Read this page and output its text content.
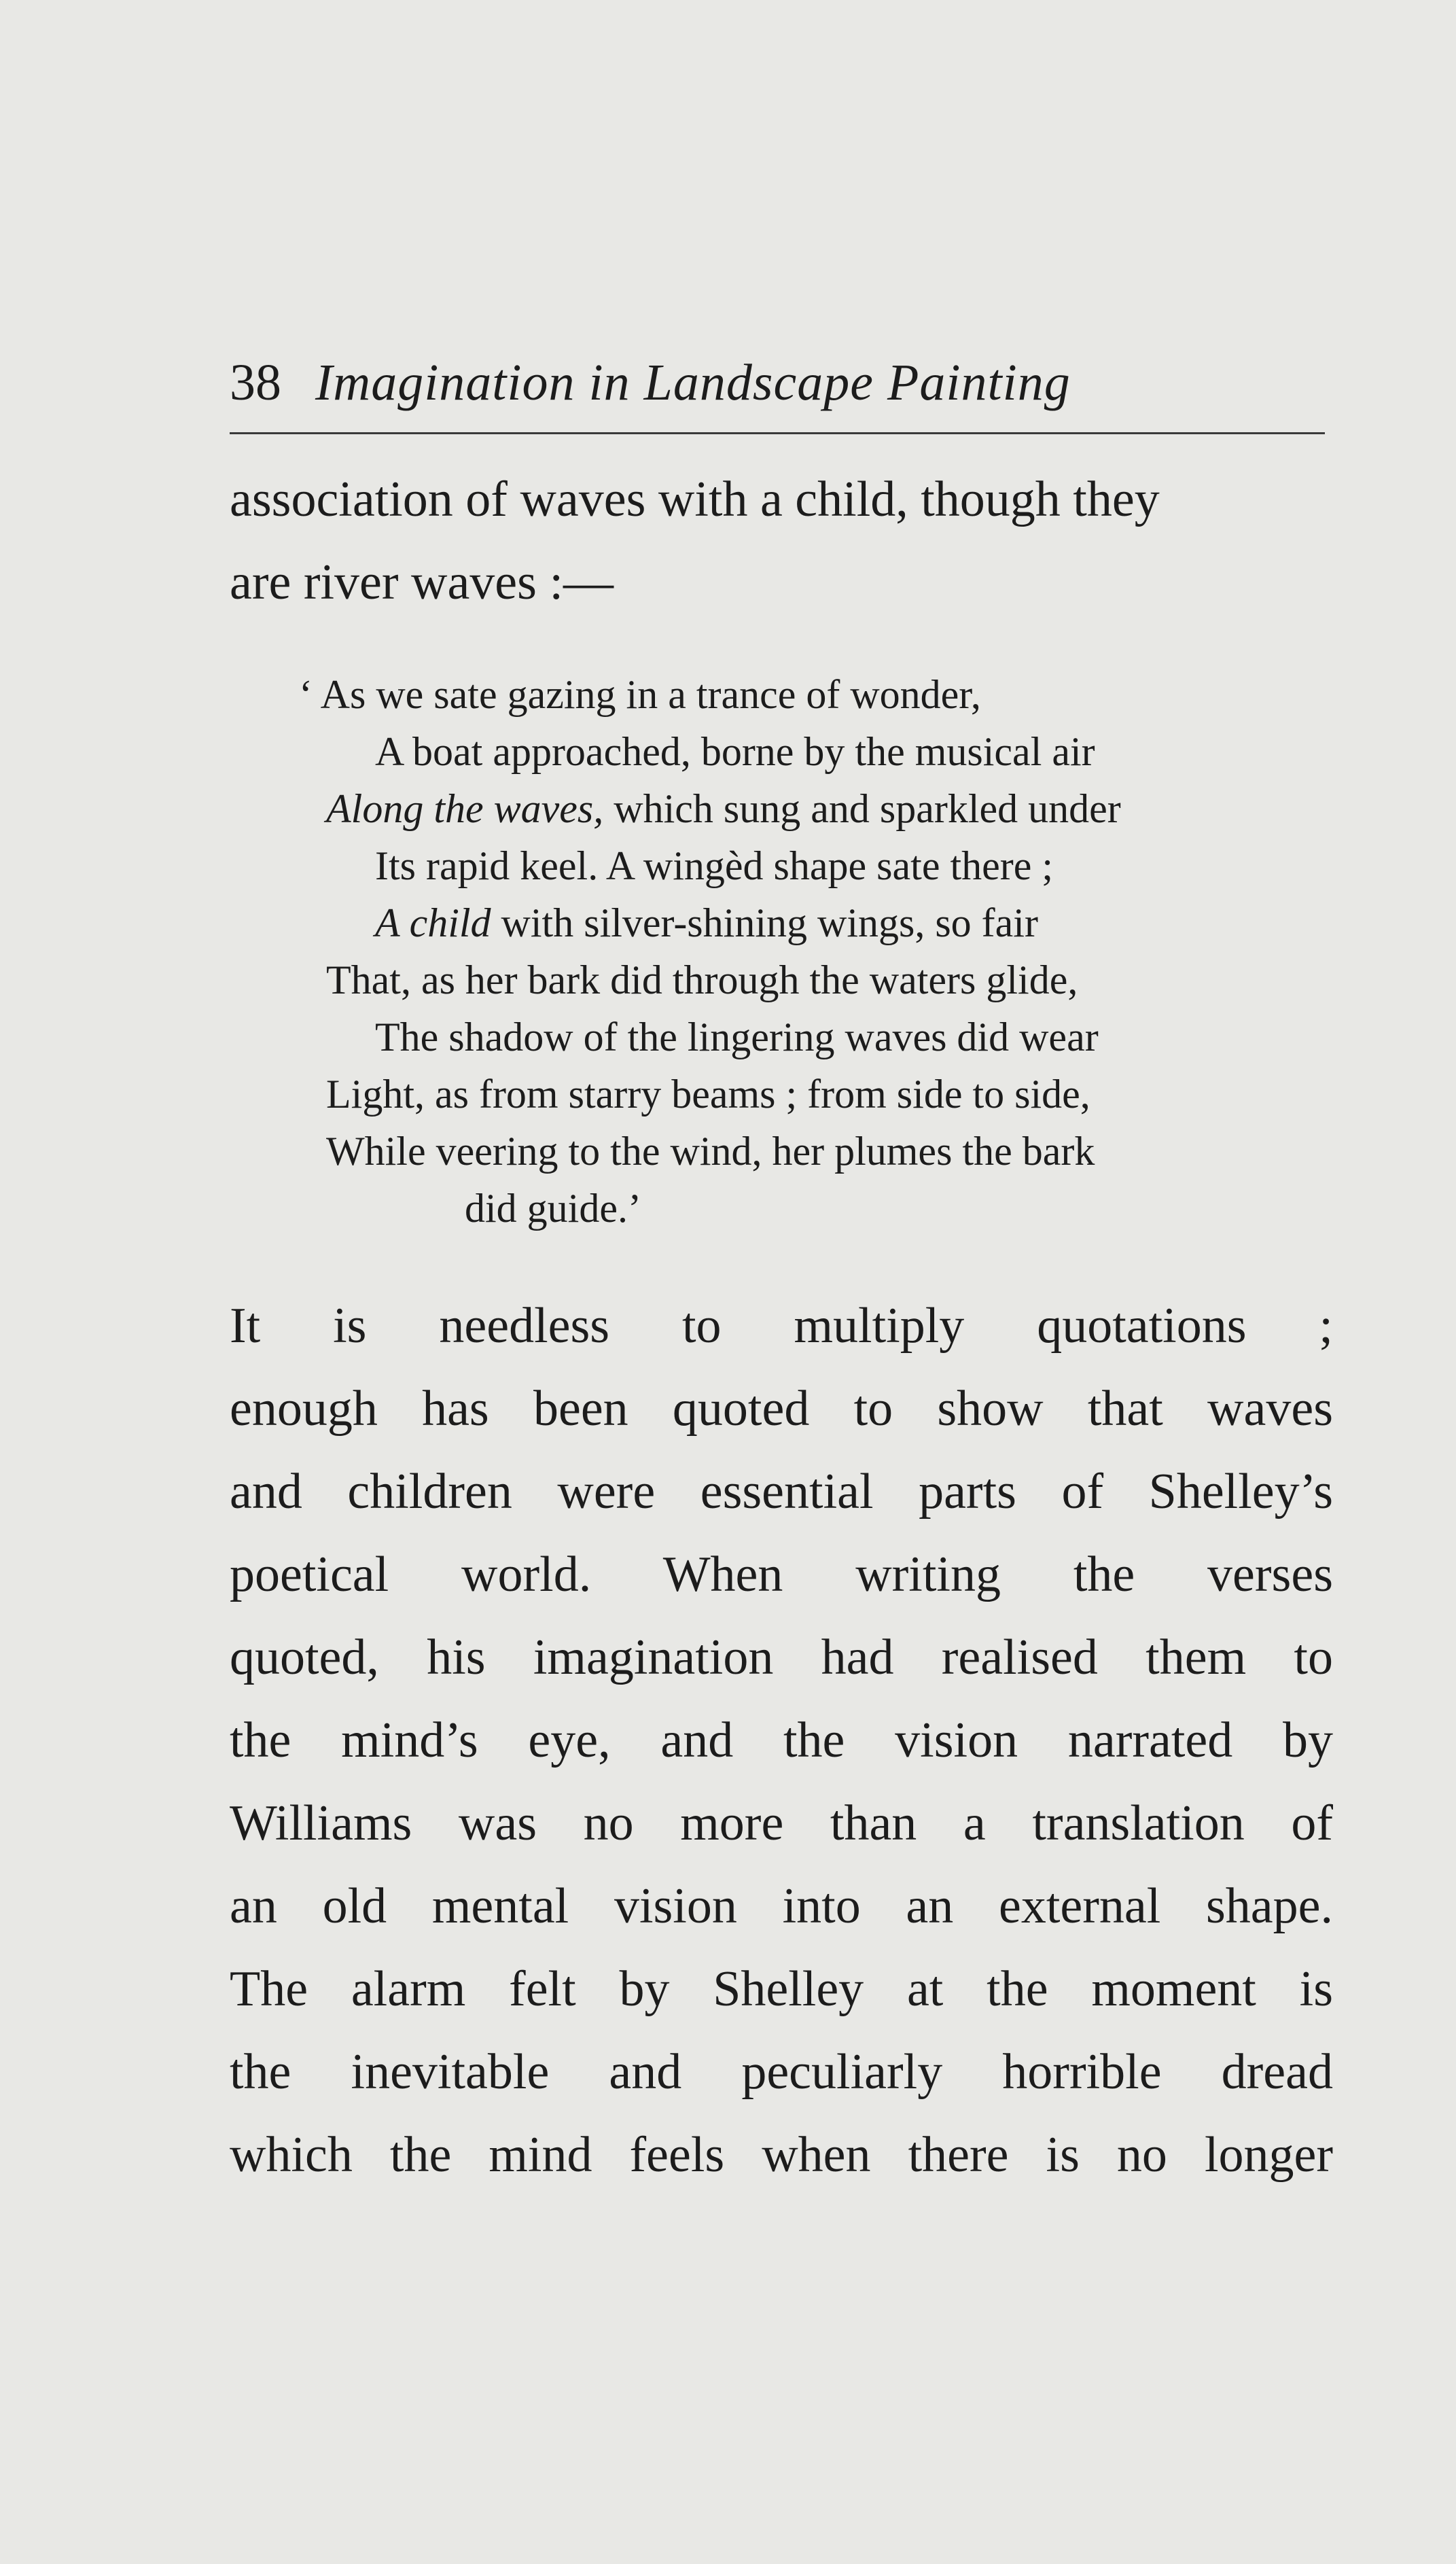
38 Imagination in Landscape Painting
association of waves with a child, though they
are river waves :—
‘ As we sate gazing in a trance of wonder,
A boat approached, borne by the musical air
Along the waves, which sung and sparkled under
Its rapid keel. A wingèd shape sate there ;
A child with silver-shining wings, so fair
That, as her bark did through the waters glide,
The shadow of the lingering waves did wear
Light, as from starry beams ; from side to side,
While veering to the wind, her plumes the bark
did guide.’
It is needless to multiply quotations ;
enough has been quoted to show that waves
and children were essential parts of Shelley’s
poetical world. When writing the verses
quoted, his imagination had realised them to
the mind’s eye, and the vision narrated by
Williams was no more than a translation of
an old mental vision into an external shape.
The alarm felt by Shelley at the moment is
the inevitable and peculiarly horrible dread
which the mind feels when there is no longer
